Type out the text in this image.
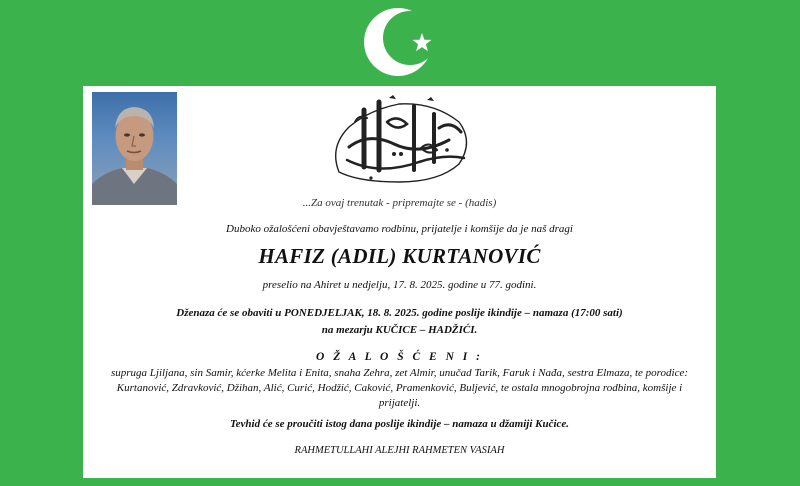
...Za ovaj trenutak - pripremajte se - (hadis)
Duboko ožalošćeni obavještavamo rodbinu, prijatelje i komšije da je naš dragi
HAFIZ (ADIL) KURTANOVIĆ
preselio na Ahiret u nedjelju, 17. 8. 2025. godine u 77. godini.
Dženaza će se obaviti u PONEDJELJAK, 18. 8. 2025. godine poslije ikindije – namaza (17:00 sati)
na mezarju KUČICE – HADŽIĆI.
O Ž A L O Š Ć E N I :
supruga Ljiljana, sin Samir, kćerke Melita i Enita, snaha Zehra, zet Almir, unučad Tarik, Faruk i Nađa, sestra Elmaza, te porodice: Kurtanović, Zdravković, Džihan, Alić, Curić, Hodžić, Caković, Pramenković, Buljević, te ostala mnogobrojna rodbina, komšije i prijatelji.
Tevhid će se proučiti istog dana poslije ikindije – namaza u džamiji Kučice.
RAHMETULLAHI ALEJHI RAHMETEN VASIAH
